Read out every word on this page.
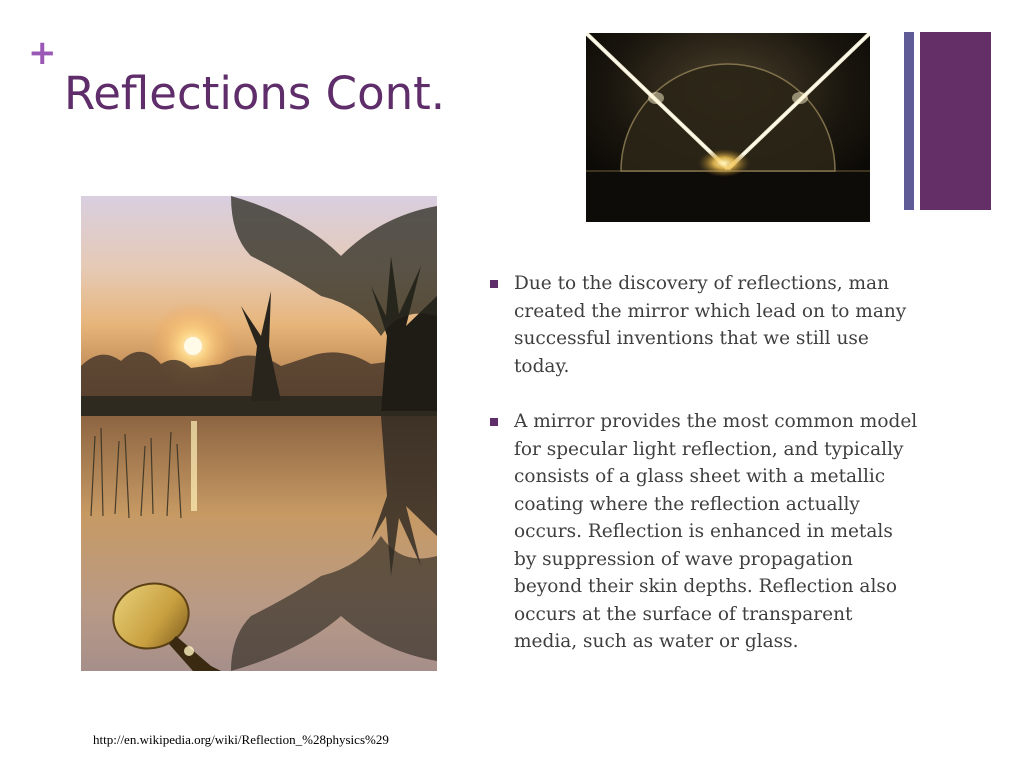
+
Reflections Cont.
Due to the discovery of reflections, man created the mirror which lead on to many successful inventions that we still use today.
A mirror provides the most common model for specular light reflection, and typically consists of a glass sheet with a metallic coating where the reflection actually occurs. Reflection is enhanced in metals by suppression of wave propagation beyond their skin depths. Reflection also occurs at the surface of transparent media, such as water or glass.
http://en.wikipedia.org/wiki/Reflection_%28physics%29
